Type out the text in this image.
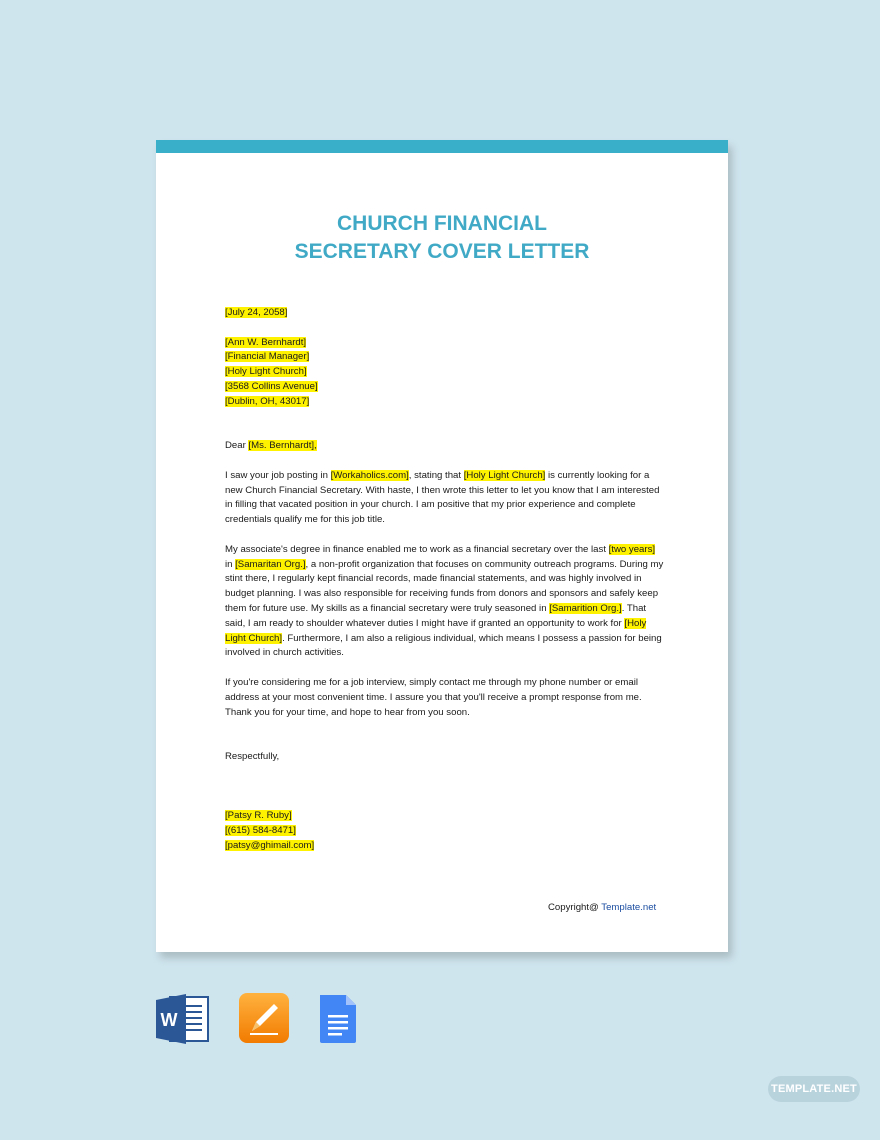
CHURCH FINANCIAL
SECRETARY COVER LETTER

[July 24, 2058]

[Ann W. Bernhardt]
[Financial Manager]
[Holy Light Church]
[3568 Collins Avenue]
[Dublin, OH, 43017]

Dear [Ms. Bernhardt],

I saw your job posting in [Workaholics.com], stating that [Holy Light Church] is currently looking for a new Church Financial Secretary. With haste, I then wrote this letter to let you know that I am interested in filling that vacated position in your church. I am positive that my prior experience and complete credentials qualify me for this job title.

My associate's degree in finance enabled me to work as a financial secretary over the last [two years] in [Samaritan Org.], a non-profit organization that focuses on community outreach programs. During my stint there, I regularly kept financial records, made financial statements, and was highly involved in budget planning. I was also responsible for receiving funds from donors and sponsors and safely keep them for future use. My skills as a financial secretary were truly seasoned in [Samarition Org.]. That said, I am ready to shoulder whatever duties I might have if granted an opportunity to work for [Holy Light Church]. Furthermore, I am also a religious individual, which means I possess a passion for being involved in church activities.

If you're considering me for a job interview, simply contact me through my phone number or email address at your most convenient time. I assure you that you'll receive a prompt response from me. Thank you for your time, and hope to hear from you soon.

Respectfully,

[Patsy R. Ruby]
[(615) 584-8471]
[patsy@ghimail.com]

Copyright@ Template.net
W
TEMPLATE.NET
